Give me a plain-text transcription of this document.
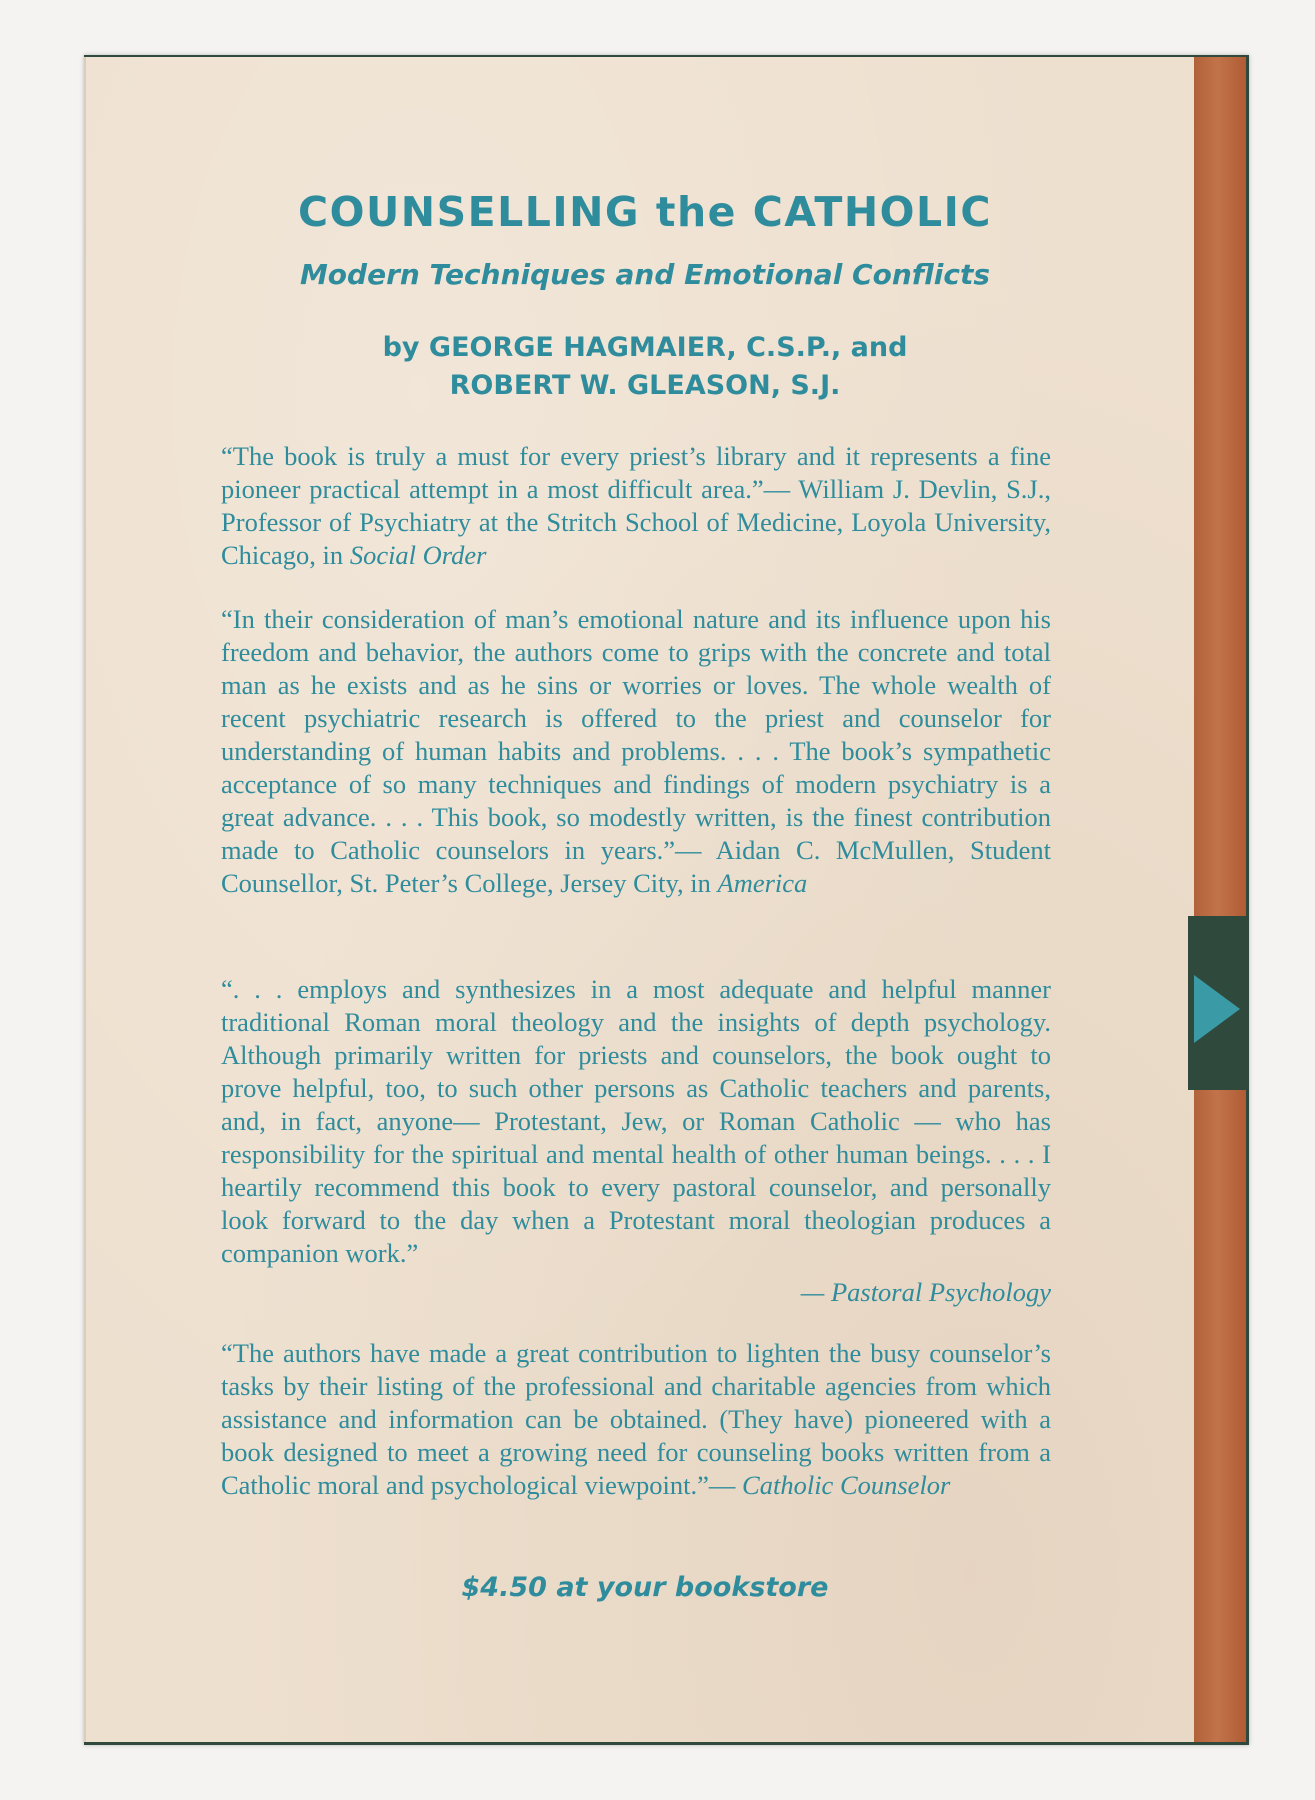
COUNSELLING the CATHOLIC
Modern Techniques and Emotional Conflicts

by GEORGE HAGMAIER, C.S.P., and

ROBERT W. GLEASON, S.J.

“The book is truly a must for every priest’s library and it represents a fine pioneer practical attempt in a most difficult area.”— William J. Devlin, S.J., Professor of Psychiatry at the Stritch School of Medicine, Loyola University, Chicago, in Social Order

“In their consideration of man’s emotional nature and its influence upon his freedom and behavior, the authors come to grips with the concrete and total man as he exists and as he sins or worries or loves. The whole wealth of recent psychiatric research is offered to the priest and counselor for understanding of human habits and problems. . . . The book’s sympathetic acceptance of so many techniques and findings of modern psychiatry is a great advance. . . . This book, so modestly written, is the finest contribution made to Catholic counselors in years.”— Aidan C. McMullen, Student Counsellor, St. Peter’s College, Jersey City, in America

“. . . employs and synthesizes in a most adequate and helpful manner traditional Roman moral theology and the insights of depth psychology. Although primarily written for priests and counselors, the book ought to prove helpful, too, to such other persons as Catholic teachers and parents, and, in fact, anyone— Protestant, Jew, or Roman Catholic — who has responsibility for the spiritual and mental health of other human beings. . . . I heartily recommend this book to every pastoral counselor, and personally look forward to the day when a Protestant moral theologian produces a companion work.”

— Pastoral Psychology

“The authors have made a great contribution to lighten the busy counselor’s tasks by their listing of the professional and charitable agencies from which assistance and information can be obtained. (They have) pioneered with a book designed to meet a growing need for counseling books written from a Catholic moral and psychological viewpoint.”— Catholic Counselor

$4.50 at your bookstore
